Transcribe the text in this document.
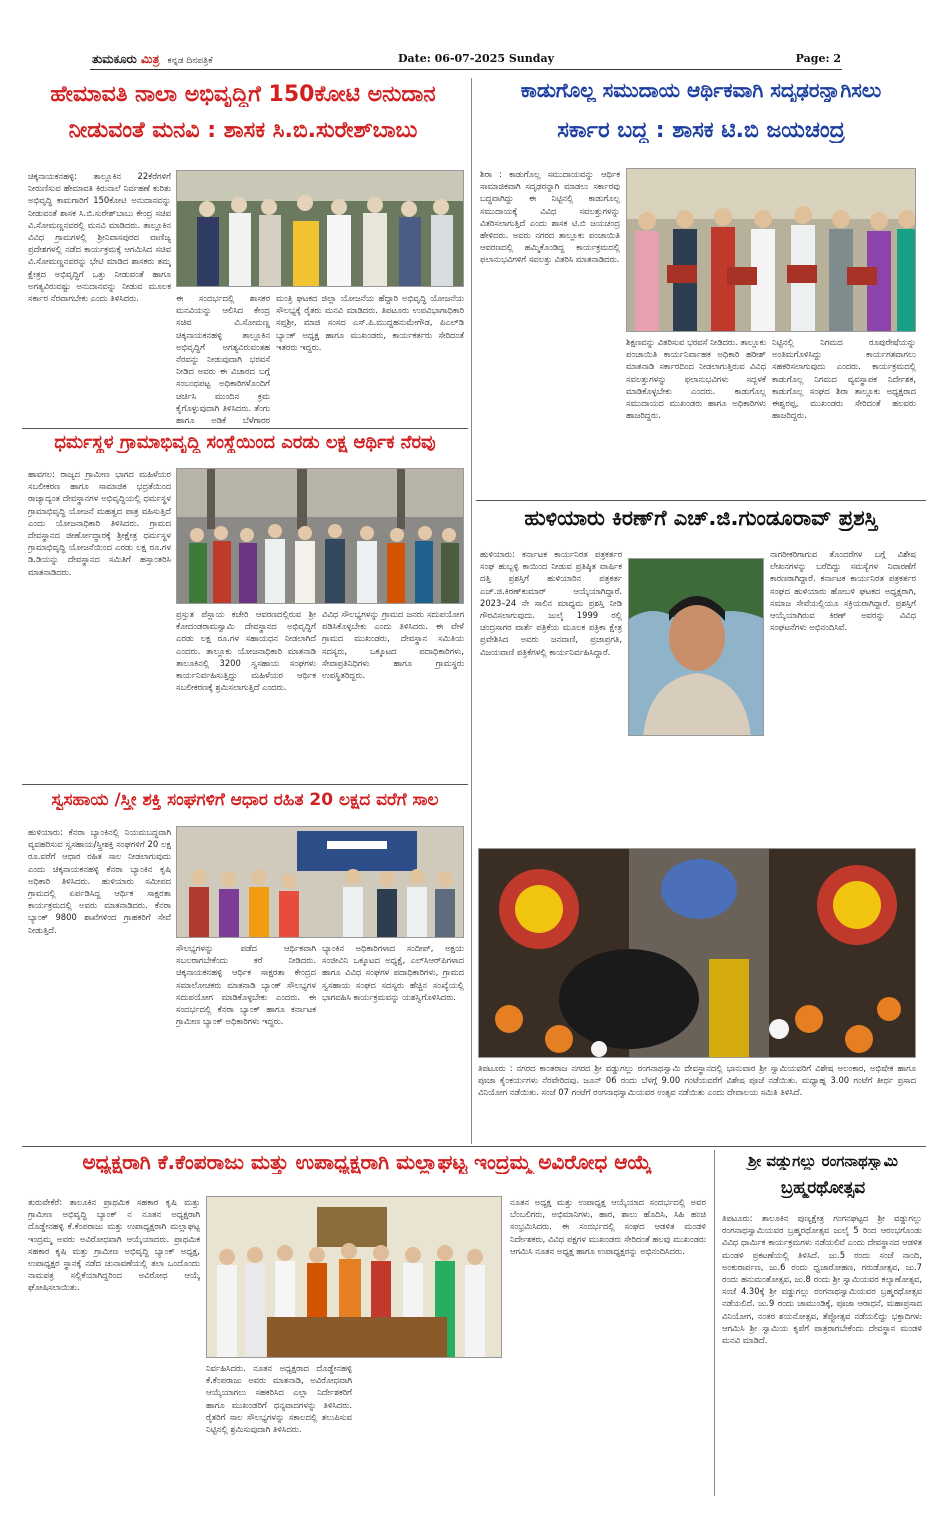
ತುಮಕೂರು ಮಿತ್ರ ಕನ್ನಡ ದಿನಪತ್ರಿಕೆ	Date: 06-07-2025 Sunday	Page: 2
ಹೇಮಾವತಿ ನಾಲಾ ಅಭಿವೃದ್ಧಿಗೆ 150ಕೋಟಿ ಅನುದಾನ
ನೀಡುವಂತೆ ಮನವಿ : ಶಾಸಕ ಸಿ.ಬಿ.ಸುರೇಶ್‌ಬಾಬು
ಚಿಕ್ಕನಾಯಕನಹಳ್ಳಿ: ತಾಲ್ಲೂಕಿನ 22ಕೆರೆಗಳಿಗೆ ನೀರುಣಿಸುವ ಹೇಮಾವತಿ ಕಿರುನಾಲೆ ನಿರ್ವಹಣೆ ಕುರಿತು ಅಭಿವೃದ್ಧಿ ಕಾಮಗಾರಿಗೆ 150ಕೋಟಿ ಅನುದಾನವನ್ನು ನೀಡುವಂತೆ ಶಾಸಕ ಸಿ.ಬಿ.ಸುರೇಶ್‌ಬಾಬು ಕೇಂದ್ರ ಸಚಿವ ವಿ.ಸೋಮಣ್ಣನವರಲ್ಲಿ ಮನವಿ ಮಾಡಿದರು. ತಾಲ್ಲೂಕಿನ ವಿವಿಧ ಗ್ರಾಮಗಳಲ್ಲಿ ಶ್ರೀನಿವಾಸಪುರದ ವಾಣಿಜ್ಯ ಪ್ರದೇಶಗಳಲ್ಲಿ ನಡೆದ ಕಾರ್ಯಕ್ರಮಕ್ಕೆ ಆಗಮಿಸಿದ ಸಚಿವ ವಿ.ಸೋಮಣ್ಣನವರನ್ನು ಭೇಟಿ ಮಾಡಿದ ಶಾಸಕರು ತಮ್ಮ ಕ್ಷೇತ್ರದ ಅಭಿವೃದ್ಧಿಗೆ ಒತ್ತು ನೀಡುವಂತೆ ಹಾಗೂ ಅಗತ್ಯವಿರುವಷ್ಟು ಅನುದಾನವನ್ನು ನೀಡುವ ಮೂಲಕ ಸರ್ಕಾರ ನೆರವಾಗಬೇಕು ಎಂದು ತಿಳಿಸಿದರು.	ಈ ಸಂದರ್ಭದಲ್ಲಿ ಶಾಸಕರ ಮನವಿಯನ್ನು ಆಲಿಸಿದ ಕೇಂದ್ರ ಸಚಿವ ವಿ.ಸೋಮಣ್ಣ ಚಿಕ್ಕನಾಯಕನಹಳ್ಳಿ ತಾಲ್ಲೂಕಿನ ಅಭಿವೃದ್ಧಿಗೆ ಅಗತ್ಯವಿರುವಂತಹ ನೆರವನ್ನು ನೀಡುವುದಾಗಿ ಭರವಸೆ ನೀಡಿದ ಅವರು ಈ ವಿಚಾರದ ಬಗ್ಗೆ ಸಂಬಂಧಪಟ್ಟ ಅಧಿಕಾರಿಗಳೊಂದಿಗೆ ಚರ್ಚಿಸಿ ಮುಂದಿನ ಕ್ರಮ ಕೈಗೊಳ್ಳುವುದಾಗಿ ತಿಳಿಸಿದರು. ತೆಂಗು ಹಾಗೂ ಅಡಿಕೆ ಬೆಳೆಗಾರರ
ಮಂತ್ರಿ ಘಟಕದ ಜಿಲ್ಲಾ ಯೋಜನೆಯ ಹೆದ್ದಾರಿ ಅಭಿವೃದ್ಧಿ ಯೋಜನೆಯ ಸೌಲಭ್ಯಕ್ಕೆ ರೈತರು ಮನವಿ ಮಾಡಿದರು. ತಿಪಟೂರು ಉಪವಿಭಾಗಾಧಿಕಾರಿ ಸಪ್ತಶ್ರೀ, ಮಾಜಿ ಸಂಸದ ಎಸ್.ಪಿ.ಮುದ್ದಹನುಮೇಗೌಡ, ಪಿಎಲ್‌ಡಿ ಬ್ಯಾಂಕ್ ಅಧ್ಯಕ್ಷ ಹಾಗೂ ಮುಖಂಡರು, ಕಾರ್ಯಕರ್ತರು ಸೇರಿದಂತೆ ಇತರರು ಇದ್ದರು.
ಧರ್ಮಸ್ಥಳ ಗ್ರಾಮಾಭಿವೃದ್ಧಿ ಸಂಸ್ಥೆಯಿಂದ ಎರಡು ಲಕ್ಷ ಆರ್ಥಿಕ ನೆರವು
ಹಾವಗಲ: ರಾಜ್ಯದ ಗ್ರಾಮೀಣ ಭಾಗದ ಮಹಿಳೆಯರ ಸಬಲೀಕರಣ ಹಾಗೂ ಸಾಮಾಜಿಕ ಭದ್ರತೆಯಿಂದ ರಾಜ್ಯಾದ್ಯಂತ ದೇವಸ್ಥಾನಗಳ ಅಭಿವೃದ್ಧಿಯಲ್ಲಿ ಧರ್ಮಸ್ಥಳ ಗ್ರಾಮಾಭಿವೃದ್ಧಿ ಯೋಜನೆ ಮಹತ್ವದ ಪಾತ್ರ ವಹಿಸುತ್ತಿದೆ ಎಂದು ಯೋಜನಾಧಿಕಾರಿ ತಿಳಿಸಿದರು. ಗ್ರಾಮದ ದೇವಸ್ಥಾನದ ಜೀರ್ಣೋದ್ಧಾರಕ್ಕೆ ಶ್ರೀಕ್ಷೇತ್ರ ಧರ್ಮಸ್ಥಳ ಗ್ರಾಮಾಭಿವೃದ್ಧಿ ಯೋಜನೆಯಿಂದ ಎರಡು ಲಕ್ಷ ರೂ.ಗಳ ಡಿ.ಡಿಯನ್ನು ದೇವಸ್ಥಾನದ ಸಮಿತಿಗೆ ಹಸ್ತಾಂತರಿಸಿ ಮಾತನಾಡಿದರು.
ಪ್ರಸ್ತುತ ಪೆಸ್ಲಾಯ ಕಚೇರಿ ಆವರಣದಲ್ಲಿರುವ ಶ್ರೀ ಕೋದಂಡರಾಮಸ್ವಾಮಿ ದೇವಸ್ಥಾನದ ಅಭಿವೃದ್ಧಿಗೆ ಎರಡು ಲಕ್ಷ ರೂ.ಗಳ ಸಹಾಯಧನ ನೀಡಲಾಗಿದೆ ಎಂದರು. ತಾಲ್ಲೂಕು ಯೋಜನಾಧಿಕಾರಿ ಮಾತನಾಡಿ ತಾಲೂಕಿನಲ್ಲಿ 3200 ಸ್ವಸಹಾಯ ಸಂಘಗಳು ಕಾರ್ಯನಿರ್ವಹಿಸುತ್ತಿದ್ದು ಮಹಿಳೆಯರ ಆರ್ಥಿಕ ಸಬಲೀಕರಣಕ್ಕೆ ಶ್ರಮಿಸಲಾಗುತ್ತಿದೆ ಎಂದರು.
ವಿವಿಧ ಸೌಲಭ್ಯಗಳನ್ನು ಗ್ರಾಮದ ಜನರು ಸದುಪಯೋಗ ಪಡಿಸಿಕೊಳ್ಳಬೇಕು ಎಂದು ತಿಳಿಸಿದರು. ಈ ವೇಳೆ ಗ್ರಾಮದ ಮುಖಂಡರು, ದೇವಸ್ಥಾನ ಸಮಿತಿಯ ಸದಸ್ಯರು, ಒಕ್ಕೂಟದ ಪದಾಧಿಕಾರಿಗಳು, ಸೇವಾಪ್ರತಿನಿಧಿಗಳು ಹಾಗೂ ಗ್ರಾಮಸ್ಥರು ಉಪಸ್ಥಿತರಿದ್ದರು.
ಸ್ವಸಹಾಯ /ಸ್ತ್ರೀ ಶಕ್ತಿ ಸಂಘಗಳಿಗೆ ಆಧಾರ ರಹಿತ 20 ಲಕ್ಷದ ವರೆಗೆ ಸಾಲ
ಹುಳಿಯಾರು: ಕೆನರಾ ಬ್ಯಾಂಕಿನಲ್ಲಿ ನಿಯಮಬದ್ಧವಾಗಿ ವ್ಯವಹರಿಸುವ ಸ್ವಸಹಾಯ/ಸ್ತ್ರೀಶಕ್ತಿ ಸಂಘಗಳಿಗೆ 20 ಲಕ್ಷ ರೂ.ವರೆಗೆ ಆಧಾರ ರಹಿತ ಸಾಲ ನೀಡಲಾಗುವುದು ಎಂದು ಚಿಕ್ಕನಾಯಕನಹಳ್ಳಿ ಕೆನರಾ ಬ್ಯಾಂಕಿನ ಕೃಷಿ ಅಧಿಕಾರಿ ತಿಳಿಸಿದರು. ಹುಳಿಯಾರು ಸಮೀಪದ ಗ್ರಾಮದಲ್ಲಿ ಏರ್ಪಡಿಸಿದ್ದ ಆರ್ಥಿಕ ಸಾಕ್ಷರತಾ ಕಾರ್ಯಕ್ರಮದಲ್ಲಿ ಅವರು ಮಾತನಾಡಿದರು. ಕೆನರಾ ಬ್ಯಾಂಕ್ 9800 ಶಾಖೆಗಳಿಂದ ಗ್ರಾಹಕರಿಗೆ ಸೇವೆ ನೀಡುತ್ತಿದೆ.
ಸೌಲಭ್ಯಗಳನ್ನು ಪಡೆದ ಆರ್ಥಿಕವಾಗಿ ಸಬಲರಾಗಬೇಕೆಂದು ಕರೆ ನೀಡಿದರು. ಚಿಕ್ಕನಾಯಕನಹಳ್ಳಿ ಆರ್ಥಿಕ ಸಾಕ್ಷರತಾ ಕೇಂದ್ರದ ಸಮಾಲೋಚಕರು ಮಾತನಾಡಿ ಬ್ಯಾಂಕ್ ಸೌಲಭ್ಯಗಳ ಸದುಪಯೋಗ ಮಾಡಿಕೊಳ್ಳಬೇಕು ಎಂದರು. ಈ ಸಂದರ್ಭದಲ್ಲಿ ಕೆನರಾ ಬ್ಯಾಂಕ್ ಹಾಗೂ ಕರ್ನಾಟಕ ಗ್ರಾಮೀಣ ಬ್ಯಾಂಕ್ ಅಧಿಕಾರಿಗಳು ಇದ್ದರು.
ಬ್ಯಾಂಕಿನ ಅಧಿಕಾರಿಗಳಾದ ಸಂದೀಪ್, ಅಕ್ಷಯ ಸಂಜೀವಿನಿ ಒಕ್ಕೂಟದ ಅಧ್ಯಕ್ಷೆ, ಎಲ್‌ಸಿಆರ್‌ಪಿಗಳಾದ ಹಾಗೂ ವಿವಿಧ ಸಂಘಗಳ ಪದಾಧಿಕಾರಿಗಳು, ಗ್ರಾಮದ ಸ್ವಸಹಾಯ ಸಂಘದ ಸದಸ್ಯರು ಹೆಚ್ಚಿನ ಸಂಖ್ಯೆಯಲ್ಲಿ ಭಾಗವಹಿಸಿ ಕಾರ್ಯಕ್ರಮವನ್ನು ಯಶಸ್ವಿಗೊಳಿಸಿದರು.
ಕಾಡುಗೊಲ್ಲ ಸಮುದಾಯ ಆರ್ಥಿಕವಾಗಿ ಸದೃಢರನ್ನಾಗಿಸಲು
ಸರ್ಕಾರ ಬದ್ಧ : ಶಾಸಕ ಟಿ.ಬಿ ಜಯಚಂದ್ರ
ಶಿರಾ : ಕಾಡುಗೊಲ್ಲ ಸಮುದಾಯವನ್ನು ಆರ್ಥಿಕ ಸಾಮಾಜಿಕವಾಗಿ ಸದೃಢರನ್ನಾಗಿ ಮಾಡಲು ಸರ್ಕಾರವು ಬದ್ಧವಾಗಿದ್ದು ಈ ನಿಟ್ಟಿನಲ್ಲಿ ಕಾಡುಗೊಲ್ಲ ಸಮುದಾಯಕ್ಕೆ ವಿವಿಧ ಸವಲತ್ತುಗಳನ್ನು ವಿತರಿಸಲಾಗುತ್ತಿದೆ ಎಂದು ಶಾಸಕ ಟಿ.ಬಿ ಜಯಚಂದ್ರ ಹೇಳಿದರು. ಅವರು ನಗರದ ತಾಲ್ಲೂಕು ಪಂಚಾಯಿತಿ ಆವರಣದಲ್ಲಿ ಹಮ್ಮಿಕೊಂಡಿದ್ದ ಕಾರ್ಯಕ್ರಮದಲ್ಲಿ ಫಲಾನುಭವಿಗಳಿಗೆ ಸವಲತ್ತು ವಿತರಿಸಿ ಮಾತನಾಡಿದರು.
ಶಿಕ್ಷಣವನ್ನು ವಿತರಿಸುವ ಭರವಸೆ ನೀಡಿದರು. ತಾಲ್ಲೂಕು ಪಂಚಾಯಿತಿ ಕಾರ್ಯನಿರ್ವಾಹಕ ಅಧಿಕಾರಿ ಹರೀಶ್ ಮಾತನಾಡಿ ಸರ್ಕಾರದಿಂದ ನೀಡಲಾಗುತ್ತಿರುವ ವಿವಿಧ ಸವಲತ್ತುಗಳನ್ನು ಫಲಾನುಭವಿಗಳು ಸದ್ಬಳಕೆ ಮಾಡಿಕೊಳ್ಳಬೇಕು ಎಂದರು. ಕಾಡುಗೊಲ್ಲ ಸಮುದಾಯದ ಮುಖಂಡರು ಹಾಗೂ ಅಧಿಕಾರಿಗಳು ಹಾಜರಿದ್ದರು.
ನಿಟ್ಟಿನಲ್ಲಿ ನಿಗಮದ ರೂಪುರೇಷೆಯನ್ನು ಅಂತಿಮಗೊಳಿಸಿದ್ದು ಕಾರ್ಯಗತವಾಗಲು ಸಹಕರಿಸಲಾಗುವುದು ಎಂದರು. ಕಾರ್ಯಕ್ರಮದಲ್ಲಿ ಕಾಡುಗೊಲ್ಲ ನಿಗಮದ ವ್ಯವಸ್ಥಾಪಕ ನಿರ್ದೇಶಕ, ಕಾಡುಗೊಲ್ಲ ಸಂಘದ ಶಿರಾ ತಾಲ್ಲೂಕು ಅಧ್ಯಕ್ಷರಾದ ಈಶ್ವರಪ್ಪ, ಮುಖಂಡರು ಸೇರಿದಂತೆ ಹಲವರು ಹಾಜರಿದ್ದರು.
ಹುಳಿಯಾರು ಕಿರಣ್‌ಗೆ ಎಚ್.ಜಿ.ಗುಂಡೂರಾವ್ ಪ್ರಶಸ್ತಿ
ಹುಳಿಯಾರು: ಕರ್ನಾಟಕ ಕಾರ್ಯನಿರತ ಪತ್ರಕರ್ತರ ಸಂಘ ಹುಬ್ಬಳ್ಳಿ ಕಾಯಿಂದ ನೀಡುವ ಪ್ರತಿಷ್ಠಿತ ವಾರ್ಷಿಕ ದತ್ತಿ ಪ್ರಶಸ್ತಿಗೆ ಹುಳಿಯಾರಿನ ಪತ್ರಕರ್ತ ಎಚ್.ಜಿ.ಕಿರಣ್‌ಕುಮಾರ್ ಆಯ್ಕೆಯಾಗಿದ್ದಾರೆ. 2023–24 ನೇ ಸಾಲಿನ ಮಾಧ್ಯಮ ಪ್ರಶಸ್ತಿ ನೀಡಿ ಗೌರವಿಸಲಾಗುವುದು. ಜುಲೈ 1999 ರಲ್ಲಿ ಚಂದ್ರಸಾಗರ ವಾರ್ತೆ ಪತ್ರಿಕೆಯ ಮೂಲಕ ಪತ್ರಿಕಾ ಕ್ಷೇತ್ರ ಪ್ರವೇಶಿಸಿದ ಅವರು ಜನವಾಣಿ, ಪ್ರಜಾಪ್ರಗತಿ, ವಿಜಯವಾಣಿ ಪತ್ರಿಕೆಗಳಲ್ಲಿ ಕಾರ್ಯನಿರ್ವಹಿಸಿದ್ದಾರೆ.
ನಾಗರೀಕರಿಗಾಗುವ ತೊಂದರೆಗಳ ಬಗ್ಗೆ ವಿಶೇಷ ಲೇಖನಗಳನ್ನು ಬರೆದಿದ್ದು ಸಮಸ್ಯೆಗಳ ನಿವಾರಣೆಗೆ ಕಾರಣರಾಗಿದ್ದಾರೆ. ಕರ್ನಾಟಕ ಕಾರ್ಯನಿರತ ಪತ್ರಕರ್ತರ ಸಂಘದ ಹುಳಿಯಾರು ಹೋಬಳಿ ಘಟಕದ ಅಧ್ಯಕ್ಷರಾಗಿ, ಸಮಾಜ ಸೇವೆಯಲ್ಲಿಯೂ ಸಕ್ರಿಯರಾಗಿದ್ದಾರೆ. ಪ್ರಶಸ್ತಿಗೆ ಆಯ್ಕೆಯಾಗಿರುವ ಕಿರಣ್ ಅವರನ್ನು ವಿವಿಧ ಸಂಘಟನೆಗಳು ಅಭಿನಂದಿಸಿವೆ.
ತಿಪಟೂರು : ನಗರದ ಕಾಂತರಾಜ ನಗರದ ಶ್ರೀ ವಡ್ಡುಗಲ್ಲು ರಂಗನಾಥಸ್ವಾಮಿ ದೇವಸ್ಥಾನದಲ್ಲಿ ಭಾನುವಾರ ಶ್ರೀ ಸ್ವಾಮಿಯವರಿಗೆ ವಿಶೇಷ ಅಲಂಕಾರ, ಅಭಿಷೇಕ ಹಾಗೂ ಪೂಜಾ ಕೈಂಕರ್ಯಗಳು ನೆರವೇರಿದವು. ಜೂನ್ 06 ರಂದು ಬೆಳಗ್ಗೆ 9.00 ಗಂಟೆಯವರೆಗೆ ವಿಶೇಷ ಪೂಜೆ ನಡೆಯಿತು. ಮಧ್ಯಾಹ್ನ 3.00 ಗಂಟೆಗೆ ತೀರ್ಥ ಪ್ರಸಾದ ವಿನಿಯೋಗ ನಡೆಯಿತು. ಸಂಜೆ 07 ಗಂಟೆಗೆ ರಂಗನಾಥಸ್ವಾಮಿಯವರ ಉತ್ಸವ ನಡೆಯಿತು ಎಂದು ದೇವಾಲಯ ಸಮಿತಿ ತಿಳಿಸಿದೆ.
ಅಧ್ಯಕ್ಷರಾಗಿ ಕೆ.ಕೆಂಪರಾಜು ಮತ್ತು ಉಪಾಧ್ಯಕ್ಷರಾಗಿ ಮಲ್ಲಾಘಟ್ಟ ಇಂದ್ರಮ್ಮ ಅವಿರೋಧ ಆಯ್ಕೆ
ತುರುವೇಕೆರೆ: ತಾಲೂಕಿನ ಪ್ರಾಥಮಿಕ ಸಹಕಾರ ಕೃಷಿ ಮತ್ತು ಗ್ರಾಮೀಣ ಅಭಿವೃದ್ಧಿ ಬ್ಯಾಂಕ್ ನ ನೂತನ ಅಧ್ಯಕ್ಷರಾಗಿ ದೊಡ್ಡೇನಹಳ್ಳಿ ಕೆ.ಕೆಂಪರಾಜು ಮತ್ತು ಉಪಾಧ್ಯಕ್ಷರಾಗಿ ಮಲ್ಲಾಘಟ್ಟ ಇಂದ್ರಮ್ಮ ಅವರು ಅವಿರೋಧವಾಗಿ ಆಯ್ಕೆಯಾದರು. ಪ್ರಾಥಮಿಕ ಸಹಕಾರ ಕೃಷಿ ಮತ್ತು ಗ್ರಾಮೀಣ ಅಭಿವೃದ್ಧಿ ಬ್ಯಾಂಕ್ ಅಧ್ಯಕ್ಷ, ಉಪಾಧ್ಯಕ್ಷರ ಸ್ಥಾನಕ್ಕೆ ನಡೆದ ಚುನಾವಣೆಯಲ್ಲಿ ತಲಾ ಒಂದೊಂದು ನಾಮಪತ್ರ ಸಲ್ಲಿಕೆಯಾಗಿದ್ದರಿಂದ ಅವಿರೋಧ ಆಯ್ಕೆ ಘೋಷಿಸಲಾಯಿತು.
ನಿರ್ವಹಿಸಿದರು. ನೂತನ ಅಧ್ಯಕ್ಷರಾದ ದೊಡ್ಡೇನಹಳ್ಳಿ ಕೆ.ಕೆಂಪರಾಜು ಅವರು ಮಾತನಾಡಿ, ಅವಿರೋಧವಾಗಿ ಆಯ್ಕೆಯಾಗಲು ಸಹಕರಿಸಿದ ಎಲ್ಲಾ ನಿರ್ದೇಶಕರಿಗೆ ಹಾಗೂ ಮುಖಂಡರಿಗೆ ಧನ್ಯವಾದಗಳನ್ನು ತಿಳಿಸಿದರು. ರೈತರಿಗೆ ಸಾಲ ಸೌಲಭ್ಯಗಳನ್ನು ಸಕಾಲದಲ್ಲಿ ತಲುಪಿಸುವ ನಿಟ್ಟಿನಲ್ಲಿ ಶ್ರಮಿಸುವುದಾಗಿ ತಿಳಿಸಿದರು.
ನೂತನ ಅಧ್ಯಕ್ಷ ಮತ್ತು ಉಪಾಧ್ಯಕ್ಷ ಆಯ್ಕೆಯಾದ ಸಂದರ್ಭದಲ್ಲಿ ಅವರ ಬೆಂಬಲಿಗರು, ಅಭಿಮಾನಿಗಳು, ಹಾರ, ಶಾಲು ಹೊದಿಸಿ, ಸಿಹಿ ಹಂಚಿ ಸಂಭ್ರಮಿಸಿದರು. ಈ ಸಂದರ್ಭದಲ್ಲಿ ಸಂಘದ ಆಡಳಿತ ಮಂಡಳಿ ನಿರ್ದೇಶಕರು, ವಿವಿಧ ಪಕ್ಷಗಳ ಮುಖಂಡರು ಸೇರಿದಂತೆ ಹಲವು ಮುಖಂಡರು ಆಗಮಿಸಿ ನೂತನ ಅಧ್ಯಕ್ಷ ಹಾಗೂ ಉಪಾಧ್ಯಕ್ಷರನ್ನು ಅಭಿನಂದಿಸಿದರು.
ಶ್ರೀ ವಡ್ಡುಗಲ್ಲು ರಂಗನಾಥಸ್ವಾಮಿ
ಬ್ರಹ್ಮರಥೋತ್ಸವ
ತಿಪಟೂರು: ತಾಲೂಕಿನ ಪುಣ್ಯಕ್ಷೇತ್ರ ಗಂಗನಘಟ್ಟದ ಶ್ರೀ ವಡ್ಡುಗಲ್ಲು ರಂಗನಾಥಸ್ವಾಮಿಯವರ ಬ್ರಹ್ಮರಥೋತ್ಸವ ಜುಲೈ 5 ರಿಂದ ಆರಂಭಗೊಂಡು ವಿವಿಧ ಧಾರ್ಮಿಕ ಕಾರ್ಯಕ್ರಮಗಳು ನಡೆಯಲಿವೆ ಎಂದು ದೇವಸ್ಥಾನದ ಆಡಳಿತ ಮಂಡಳಿ ಪ್ರಕಟಣೆಯಲ್ಲಿ ತಿಳಿಸಿದೆ. ಜು.5 ರಂದು ಸಂಜೆ ನಾಂದಿ, ಅಂಕುರಾರ್ಪಣ, ಜು.6 ರಂದು ಧ್ವಜಾರೋಹಣ, ಗರುಡೋತ್ಸವ, ಜು.7 ರಂದು ಹನುಮಂತೋತ್ಸವ, ಜು.8 ರಂದು ಶ್ರೀ ಸ್ವಾಮಿಯವರ ಕಲ್ಯಾಣೋತ್ಸವ, ಸಂಜೆ 4.30ಕ್ಕೆ ಶ್ರೀ ವಡ್ಡುಗಲ್ಲು ರಂಗನಾಥಸ್ವಾಮಿಯವರ ಬ್ರಹ್ಮರಥೋತ್ಸವ ನಡೆಯಲಿದೆ. ಜು.9 ರಂದು ಚಾಮುಂಡಿಕ್ಕೆ, ಪೂಜಾ ಆರಾಧನೆ, ಮಹಾಪ್ರಸಾದ ವಿನಿಯೋಗ, ನಂತರ ಶಯನೋತ್ಸವ, ತೆಪ್ಪೋತ್ಸವ ನಡೆಯಲಿದ್ದು ಭಕ್ತಾದಿಗಳು ಆಗಮಿಸಿ ಶ್ರೀ ಸ್ವಾಮಿಯ ಕೃಪೆಗೆ ಪಾತ್ರರಾಗಬೇಕೆಂದು ದೇವಸ್ಥಾನ ಮಂಡಳಿ ಮನವಿ ಮಾಡಿದೆ.
